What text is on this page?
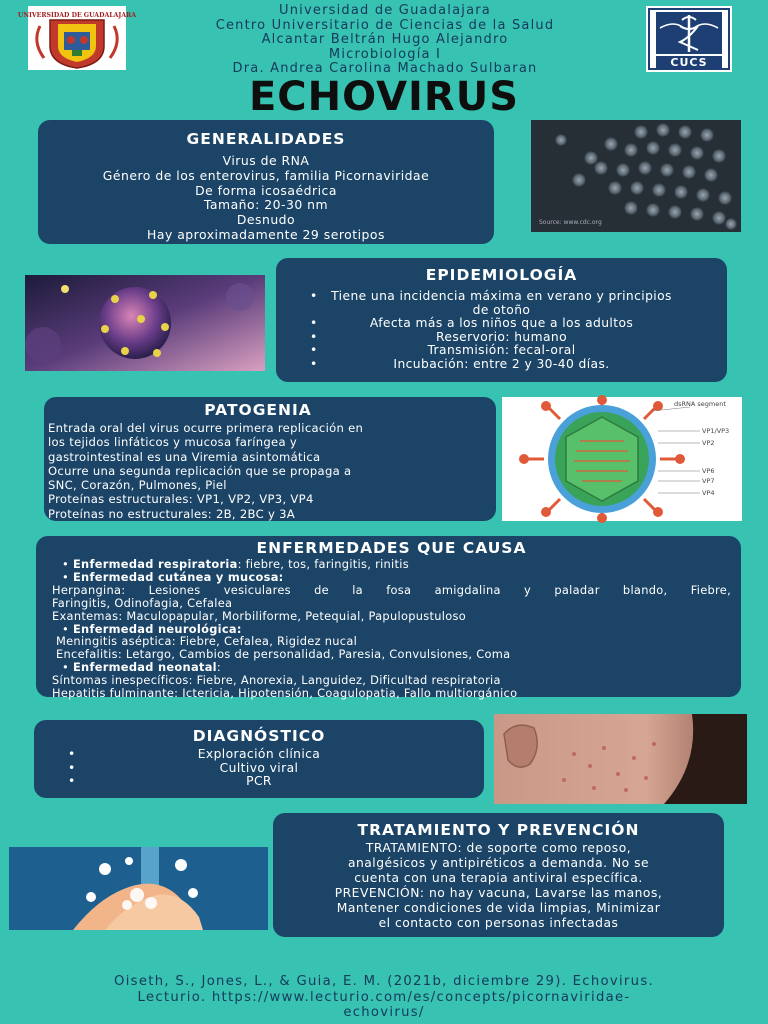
UNIVERSIDAD DE GUADALAJARA
CUCS
Universidad de Guadalajara
Centro Universitario de Ciencias de la Salud
Alcantar Beltrán Hugo Alejandro
Microbiología I
Dra. Andrea Carolina Machado Sulbaran
ECHOVIRUS
GENERALIDADES
Virus de RNA
Género de los enterovirus, familia Picornaviridae
De forma icosaédrica
Tamaño: 20-30 nm
Desnudo
Hay aproximadamente 29 serotipos
Source: www.cdc.org
EPIDEMIOLOGÍA
• Tiene una incidencia máxima en verano y principios de otoño
• Afecta más a los niños que a los adultos
• Reservorio: humano
• Transmisión: fecal-oral
• Incubación: entre 2 y 30-40 días.
PATOGENIA
Entrada oral del virus ocurre primera replicación en
los tejidos linfáticos y mucosa faríngea y
gastrointestinal es una Viremia asintomática
Ocurre una segunda replicación que se propaga a
SNC, Corazón, Pulmones, Piel
Proteínas estructurales: VP1, VP2, VP3, VP4
Proteínas no estructurales: 2B, 2BC y 3A
dsRNA segment
VP1/VP3
VP2
VP6
VP7
VP4
ENFERMEDADES QUE CAUSA
• Enfermedad respiratoria: fiebre, tos, faringitis, rinitis
• Enfermedad cutánea y mucosa:
Herpangina: Lesiones vesiculares de la fosa amigdalina y paladar blando, Fiebre,
Faringitis, Odinofagia, Cefalea
Exantemas: Maculopapular, Morbiliforme, Petequial, Papulopustuloso
• Enfermedad neurológica:
Meningitis aséptica: Fiebre, Cefalea, Rigidez nucal
Encefalitis: Letargo, Cambios de personalidad, Paresia, Convulsiones, Coma
• Enfermedad neonatal:
Síntomas inespecíficos: Fiebre, Anorexia, Languidez, Dificultad respiratoria
Hepatitis fulminante: Ictericia, Hipotensión, Coagulopatia, Fallo multiorgánico
DIAGNÓSTICO
• Exploración clínica
• Cultivo viral
• PCR
TRATAMIENTO Y PREVENCIÓN
TRATAMIENTO: de soporte como reposo,
analgésicos y antipiréticos a demanda. No se
cuenta con una terapia antiviral específica.
PREVENCIÓN: no hay vacuna, Lavarse las manos,
Mantener condiciones de vida limpias, Minimizar
el contacto con personas infectadas
Oiseth, S., Jones, L., & Guia, E. M. (2021b, diciembre 29). Echovirus.
Lecturio. https://www.lecturio.com/es/concepts/picornaviridae-
echovirus/
